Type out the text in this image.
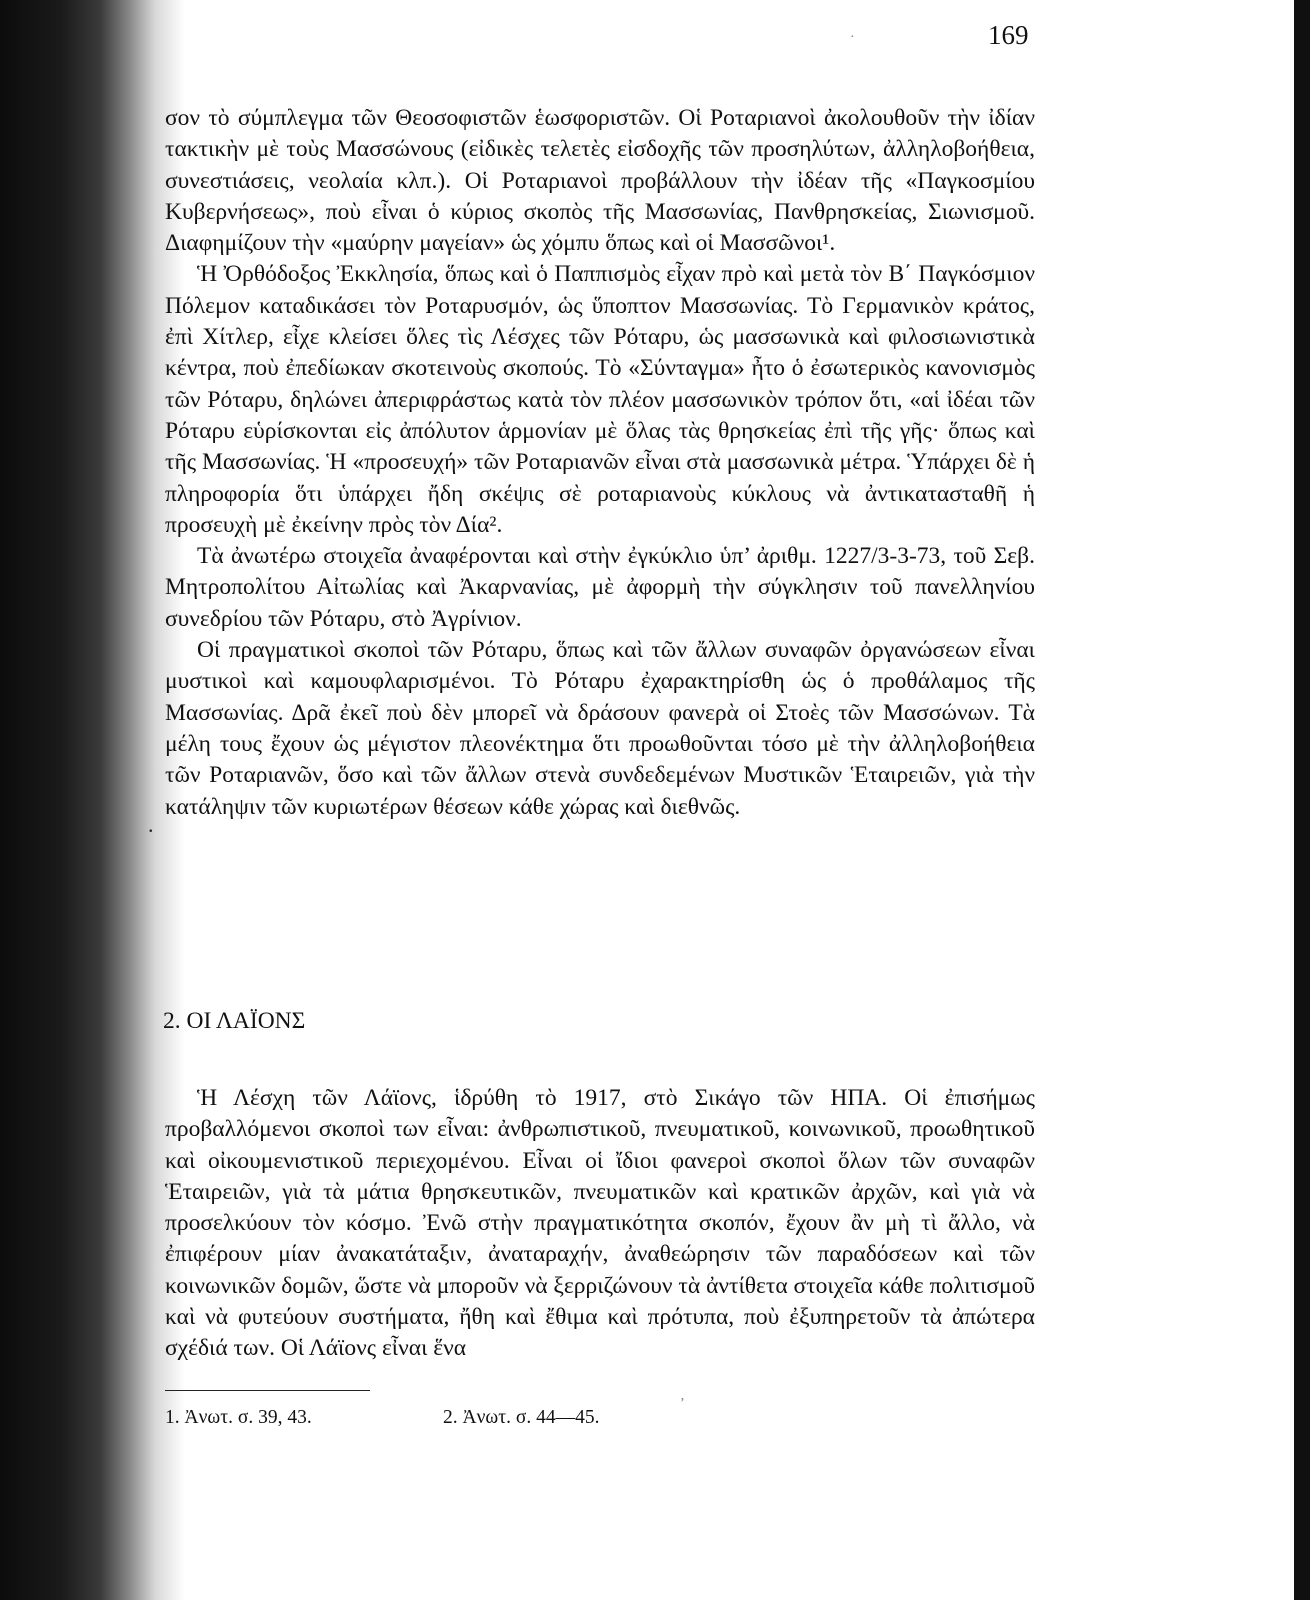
169
·

σον τὸ σύμπλεγμα τῶν Θεοσοφιστῶν ἑωσφοριστῶν. Οἱ Ροταριανοὶ ἀκολουθοῦν τὴν ἰδίαν τακτικὴν μὲ τοὺς Μασσώνους (εἰδικὲς τελετὲς εἰσδοχῆς τῶν προσηλύτων, ἀλληλοβοήθεια, συνεστιάσεις, νεολαία κλπ.). Οἱ Ροταριανοὶ προβάλλουν τὴν ἰδέαν τῆς «Παγκοσμίου Κυβερνήσεως», ποὺ εἶναι ὁ κύριος σκοπὸς τῆς Μασσωνίας, Πανθρησκείας, Σιωνισμοῦ. Διαφημίζουν τὴν «μαύρην μαγείαν» ὡς χόμπυ ὅπως καὶ οἱ Μασσῶνοι¹.

Ἡ Ὀρθόδοξος Ἐκκλησία, ὅπως καὶ ὁ Παππισμὸς εἶχαν πρὸ καὶ μετὰ τὸν Β΄ Παγκόσμιον Πόλεμον καταδικάσει τὸν Ροταρυσμόν, ὡς ὕποπτον Μασσωνίας. Τὸ Γερμανικὸν κράτος, ἐπὶ Χίτλερ, εἶχε κλείσει ὅλες τὶς Λέσχες τῶν Ρόταρυ, ὡς μασσωνικὰ καὶ φιλοσιωνιστικὰ κέντρα, ποὺ ἐπεδίωκαν σκοτεινοὺς σκοπούς. Τὸ «Σύνταγμα» ἦτο ὁ ἐσωτερικὸς κανονισμὸς τῶν Ρόταρυ, δηλώνει ἀπεριφράστως κατὰ τὸν πλέον μασσωνικὸν τρόπον ὅτι, «αἱ ἰδέαι τῶν Ρόταρυ εὑρίσκονται εἰς ἀπόλυτον ἁρμονίαν μὲ ὅλας τὰς θρησκείας ἐπὶ τῆς γῆς· ὅπως καὶ τῆς Μασσωνίας. Ἡ «προσευχή» τῶν Ροταριανῶν εἶναι στὰ μασσωνικὰ μέτρα. Ὑπάρχει δὲ ἡ πληροφορία ὅτι ὑπάρχει ἤδη σκέψις σὲ ροταριανοὺς κύκλους νὰ ἀντικατασταθῆ ἡ προσευχὴ μὲ ἐκείνην πρὸς τὸν Δία².

Τὰ ἀνωτέρω στοιχεῖα ἀναφέρονται καὶ στὴν ἐγκύκλιο ὑπ’ ἀριθμ. 1227/3-3-73, τοῦ Σεβ. Μητροπολίτου Αἰτωλίας καὶ Ἀκαρνανίας, μὲ ἀφορμὴ τὴν σύγκλησιν τοῦ πανελληνίου συνεδρίου τῶν Ρόταρυ, στὸ Ἀγρίνιον.

Οἱ πραγματικοὶ σκοποὶ τῶν Ρόταρυ, ὅπως καὶ τῶν ἄλλων συναφῶν ὀργανώσεων εἶναι μυστικοὶ καὶ καμουφλαρισμένοι. Τὸ Ρόταρυ ἐχαρακτηρίσθη ὡς ὁ προθάλαμος τῆς Μασσωνίας. Δρᾶ ἐκεῖ ποὺ δὲν μπορεῖ νὰ δράσουν φανερὰ οἱ Στοὲς τῶν Μασσώνων. Τὰ μέλη τους ἔχουν ὡς μέγιστον πλεονέκτημα ὅτι προωθοῦνται τόσο μὲ τὴν ἀλληλοβοήθεια τῶν Ροταριανῶν, ὅσο καὶ τῶν ἄλλων στενὰ συνδεδεμένων Μυστικῶν Ἑταιρειῶν, γιὰ τὴν κατάληψιν τῶν κυριωτέρων θέσεων κάθε χώρας καὶ διεθνῶς.

.
2. ΟΙ ΛΑΪΟΝΣ

Ἡ Λέσχη τῶν Λάϊονς, ἱδρύθη τὸ 1917, στὸ Σικάγο τῶν ΗΠΑ. Οἱ ἐπισήμως προβαλλόμενοι σκοποὶ των εἶναι: ἀνθρωπιστικοῦ, πνευματικοῦ, κοινωνικοῦ, προωθητικοῦ καὶ οἰκουμενιστικοῦ περιεχομένου. Εἶναι οἱ ἴδιοι φανεροὶ σκοποὶ ὅλων τῶν συναφῶν Ἑταιρειῶν, γιὰ τὰ μάτια θρησκευτικῶν, πνευματικῶν καὶ κρατικῶν ἀρχῶν, καὶ γιὰ νὰ προσελκύουν τὸν κόσμο. Ἐνῶ στὴν πραγματικότητα σκοπόν, ἔχουν ἂν μὴ τὶ ἄλλο, νὰ ἐπιφέρουν μίαν ἀνακατάταξιν, ἀναταραχήν, ἀναθεώρησιν τῶν παραδόσεων καὶ τῶν κοινωνικῶν δομῶν, ὥστε νὰ μποροῦν νὰ ξερριζώνουν τὰ ἀντίθετα στοιχεῖα κάθε πολιτισμοῦ καὶ νὰ φυτεύουν συστήματα, ἤθη καὶ ἔθιμα καὶ πρότυπα, ποὺ ἐξυπηρετοῦν τὰ ἀπώτερα σχέδιά των. Οἱ Λάϊονς εἶναι ἕνα

1. Ἀνωτ. σ. 39, 43.	2. Ἀνωτ. σ. 44—45.
ʼ
